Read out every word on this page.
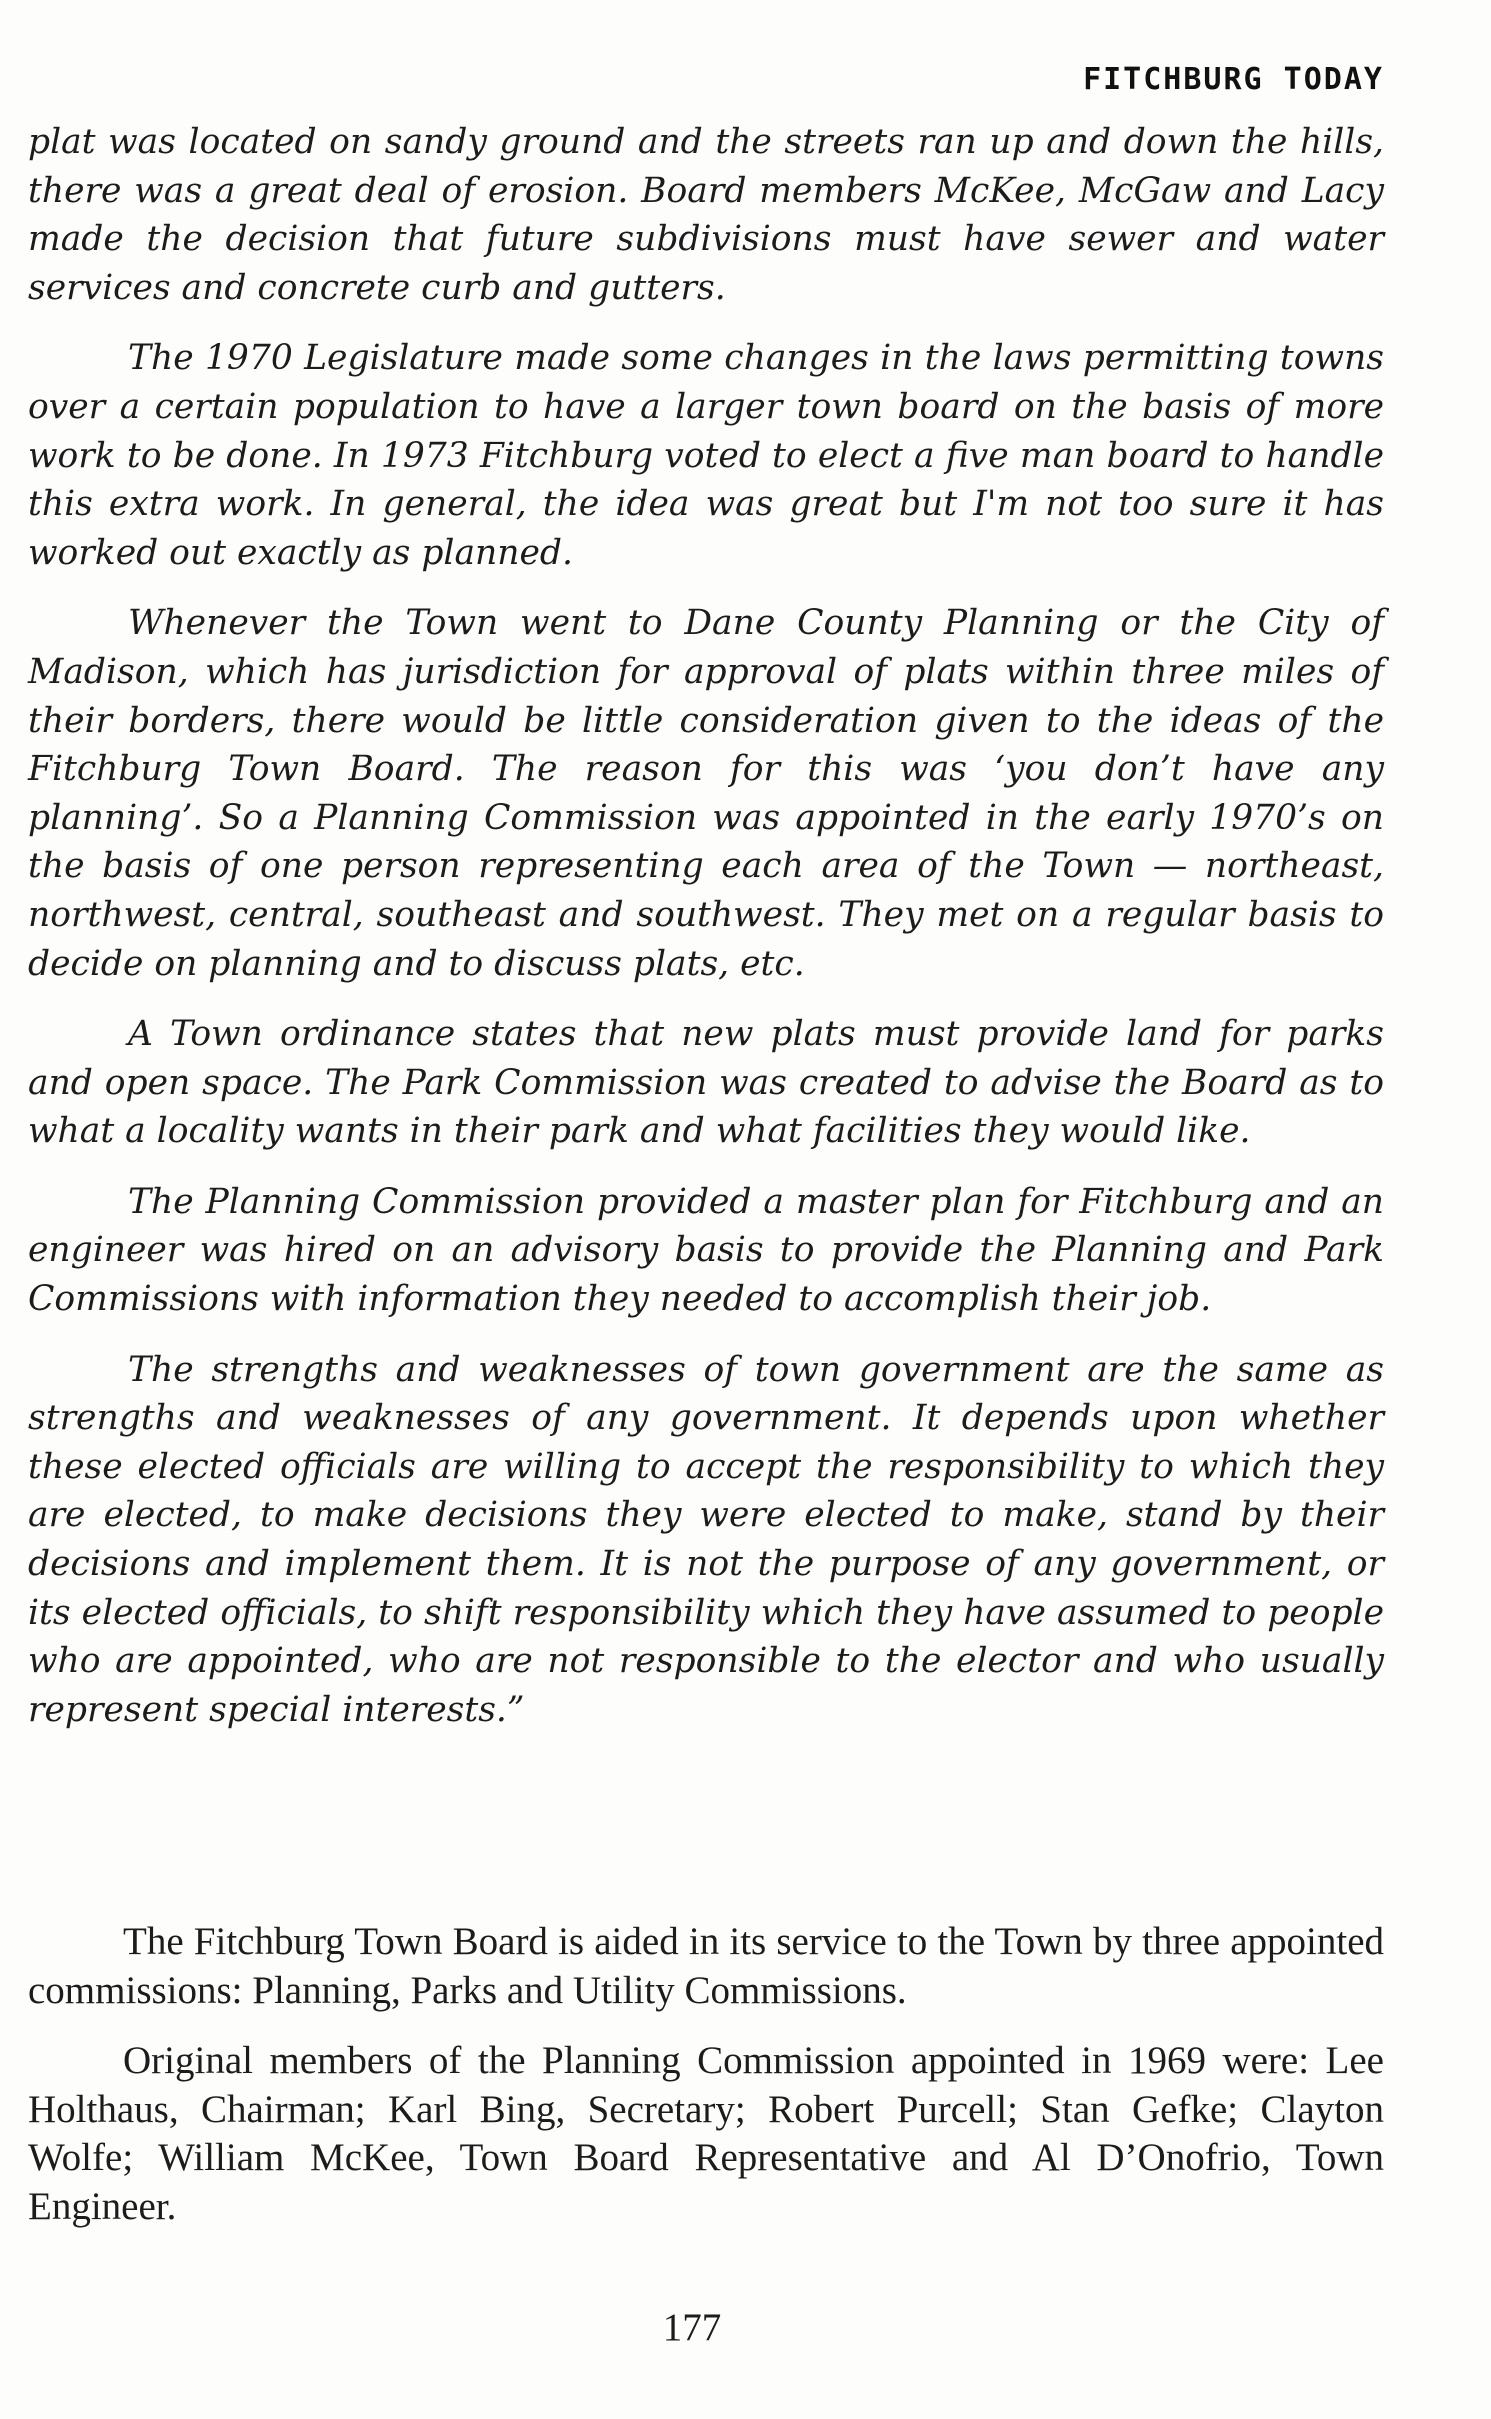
FITCHBURG TODAY

plat was located on sandy ground and the streets ran up and down the hills, there was a great deal of erosion. Board members McKee, McGaw and Lacy made the decision that future subdivisions must have sewer and water services and concrete curb and gutters.

The 1970 Legislature made some changes in the laws permitting towns over a certain population to have a larger town board on the basis of more work to be done. In 1973 Fitchburg voted to elect a five man board to handle this extra work. In general, the idea was great but I'm not too sure it has worked out exactly as planned.

Whenever the Town went to Dane County Planning or the City of Madison, which has jurisdiction for approval of plats within three miles of their borders, there would be little consideration given to the ideas of the Fitchburg Town Board. The reason for this was ‘you don’t have any planning’. So a Planning Commission was appointed in the early 1970’s on the basis of one person representing each area of the Town — northeast, northwest, central, southeast and southwest. They met on a regular basis to decide on planning and to discuss plats, etc.

A Town ordinance states that new plats must provide land for parks and open space. The Park Commission was created to advise the Board as to what a locality wants in their park and what facilities they would like.

The Planning Commission provided a master plan for Fitchburg and an engineer was hired on an advisory basis to provide the Planning and Park Commissions with information they needed to accomplish their job.

The strengths and weaknesses of town government are the same as strengths and weaknesses of any government. It depends upon whether these elected officials are willing to accept the responsibility to which they are elected, to make decisions they were elected to make, stand by their decisions and implement them. It is not the purpose of any government, or its elected officials, to shift responsibility which they have assumed to people who are appointed, who are not responsible to the elector and who usually represent special interests.”

The Fitchburg Town Board is aided in its service to the Town by three appointed commissions: Planning, Parks and Utility Commissions.

Original members of the Planning Commission appointed in 1969 were: Lee Holthaus, Chairman; Karl Bing, Secretary; Robert Purcell; Stan Gefke; Clayton Wolfe; William McKee, Town Board Representative and Al D’Onofrio, Town Engineer.

177
